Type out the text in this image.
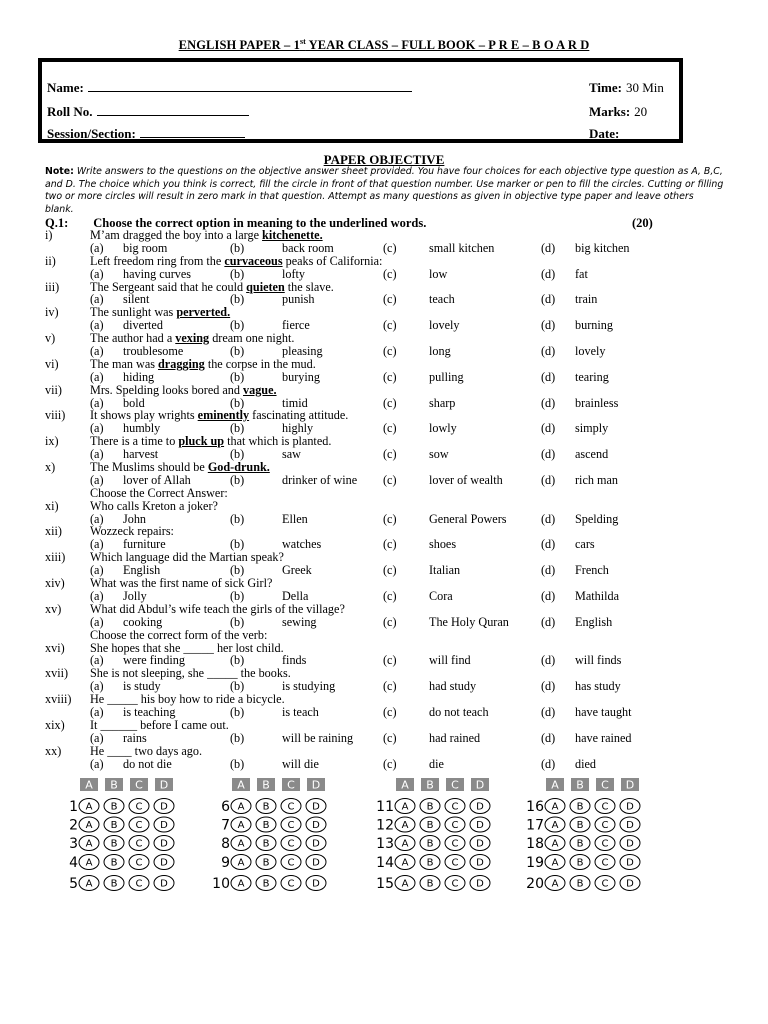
ENGLISH PAPER – 1st YEAR CLASS – FULL BOOK – P R E – B O A R D
Name:
Roll No.
Session/Section:
Time: 30 Min
Marks: 20
Date:
PAPER OBJECTIVE
Note: Write answers to the questions on the objective answer sheet provided. You have four choices for each objective type question as A, B,C, and D. The choice which you think is correct, fill the circle in front of that question number. Use marker or pen to fill the circles. Cutting or filling two or more circles will result in zero mark in that question. Attempt as many questions as given in objective type paper and leave others blank.
Q.1: Choose the correct option in meaning to the underlined words.	(20)
i)	M’am dragged the boy into a large kitchenette.
(a) big room	(b)	back room	(c)	small kitchen	(d) big kitchen
ii)	Left freedom ring from the curvaceous peaks of California:
(a) having curves	(b)	lofty	(c)	low	(d) fat
iii)	The Sergeant said that he could quieten the slave.
(a) silent	(b)	punish	(c)	teach	(d) train
iv)	The sunlight was perverted.
(a) diverted	(b)	fierce	(c)	lovely	(d) burning
v)	The author had a vexing dream one night.
(a) troublesome	(b)	pleasing	(c)	long	(d) lovely
vi)	The man was dragging the corpse in the mud.
(a) hiding	(b)	burying	(c)	pulling	(d) tearing
vii) Mrs. Spelding looks bored and vague.
(a) bold	(b)	timid	(c)	sharp	(d) brainless
viii) It shows play wrights eminently fascinating attitude.
(a) humbly	(b)	highly	(c)	lowly	(d) simply
ix)	There is a time to pluck up that which is planted.
(a) harvest	(b)	saw	(c)	sow	(d) ascend
x)	The Muslims should be God-drunk.
(a) lover of Allah	(b)	drinker of wine (c)	lover of wealth	(d) rich man
Choose the Correct Answer:
xi)	Who calls Kreton a joker?
(a) John	(b)	Ellen	(c)	General Powers	(d) Spelding
xii) Wozzeck repairs:
(a) furniture	(b)	watches	(c)	shoes	(d) cars
xiii) Which language did the Martian speak?
(a) English	(b)	Greek	(c)	Italian	(d) French
xiv) What was the first name of sick Girl?
(a) Jolly	(b)	Della	(c)	Cora	(d) Mathilda
xv) What did Abdul’s wife teach the girls of the village?
(a) cooking	(b)	sewing	(c)	The Holy Quran	(d) English
Choose the correct form of the verb:
xvi) She hopes that she _____ her lost child.
(a) were finding	(b)	finds	(c)	will find	(d) will finds
xvii) She is not sleeping, she _____ the books.
(a) is study	(b)	is studying	(c)	had study	(d) has study
xviii) He _____ his boy how to ride a bicycle.
(a) is teaching	(b)	is teach	(c)	do not teach	(d) have taught
xix) It ______ before I came out.
(a) rains	(b)	will be raining (c)	had rained	(d) have rained
xx) He ____ two days ago.
(a) do not die	(b)	will die	(c)	die	(d) died
A B C D
1 A B C D
2 A B C D
3 A B C D
4 A B C D
5 A B C D
A B C D
6 A B C D
7 A B C D
8 A B C D
9 A B C D
10 A B C D
A B C D
11 A B C D
12 A B C D
13 A B C D
14 A B C D
15 A B C D
A B C D
16 A B C D
17 A B C D
18 A B C D
19 A B C D
20 A B C D
